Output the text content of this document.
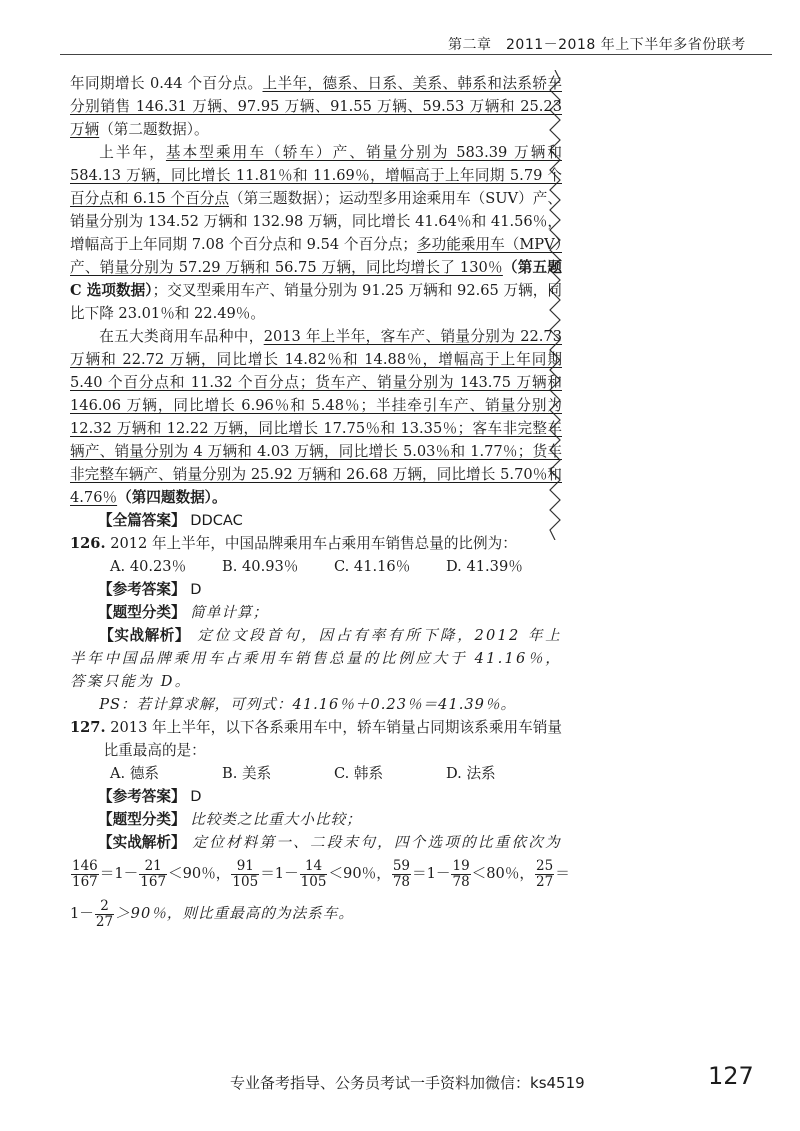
第二章　2011－2018 年上下半年多省份联考

年同期增长 0.44 个百分点。上半年，德系、日系、美系、韩系和法系轿车分别销售 146.31 万辆、97.95 万辆、91.55 万辆、59.53 万辆和 25.23 万辆（第二题数据）。

上半年，基本型乘用车（轿车）产、销量分别为 583.39 万辆和 584.13 万辆，同比增长 11.81％和 11.69％，增幅高于上年同期 5.79 个百分点和 6.15 个百分点（第三题数据）；运动型多用途乘用车（SUV）产、销量分别为 134.52 万辆和 132.98 万辆，同比增长 41.64％和 41.56％，增幅高于上年同期 7.08 个百分点和 9.54 个百分点；多功能乘用车（MPV）产、销量分别为 57.29 万辆和 56.75 万辆，同比均增长了 130％（第五题 C 选项数据）；交叉型乘用车产、销量分别为 91.25 万辆和 92.65 万辆，同比下降 23.01％和 22.49％。

在五大类商用车品种中，2013 年上半年，客车产、销量分别为 22.73 万辆和 22.72 万辆，同比增长 14.82％和 14.88％，增幅高于上年同期 5.40 个百分点和 11.32 个百分点；货车产、销量分别为 143.75 万辆和 146.06 万辆，同比增长 6.96％和 5.48％；半挂牵引车产、销量分别为 12.32 万辆和 12.22 万辆，同比增长 17.75％和 13.35％；客车非完整车辆产、销量分别为 4 万辆和 4.03 万辆，同比增长 5.03％和 1.77％；货车非完整车辆产、销量分别为 25.92 万辆和 26.68 万辆，同比增长 5.70％和 4.76％（第四题数据）。

【全篇答案】 DDCAC

126. 2012 年上半年，中国品牌乘用车占乘用车销售总量的比例为：

A. 40.23％	B. 40.93％	C. 41.16％	D. 41.39％

【参考答案】 D

【题型分类】 简单计算；

【实战解析】 定位文段首句，因占有率有所下降，2012 年上半年中国品牌乘用车占乘用车销售总量的比例应大于 41.16％，答案只能为 D。

PS：若计算求解，可列式：41.16％＋0.23％＝41.39％。

127. 2013 年上半年，以下各系乘用车中，轿车销量占同期该系乘用车销量比重最高的是：

A. 德系	B. 美系	C. 韩系	D. 法系

【参考答案】 D

【题型分类】 比较类之比重大小比较；

【实战解析】 定位材料第一、二段末句，四个选项的比重依次为

$\frac{146}{167} =1- \frac{21}{167} <90$％， $\frac{91}{105} =1- \frac{14}{105} <90$％， $\frac{59}{78} =1- \frac{19}{78} <80$％， $\frac{25}{27}$ ＝
$1- \frac{2}{27} >90$％，则比重最高的为法系车。
专业备考指导、公务员考试一手资料加微信：ks4519	127
